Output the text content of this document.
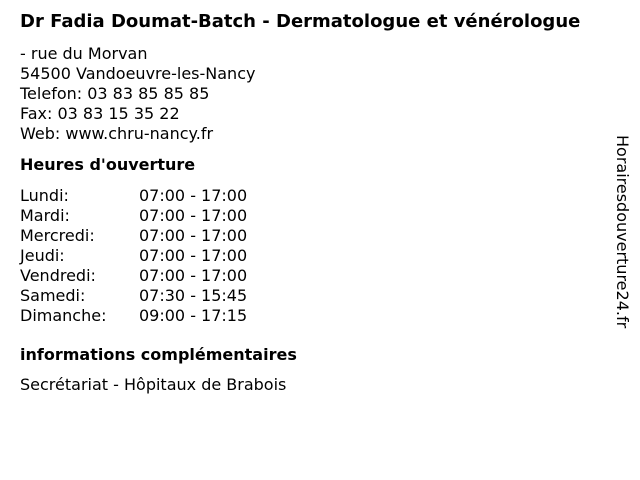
Dr Fadia Doumat-Batch - Dermatologue et vénérologue
- rue du Morvan
54500 Vandoeuvre-les-Nancy
Telefon: 03 83 85 85 85
Fax: 03 83 15 35 22
Web: www.chru-nancy.fr
Heures d'ouverture
Lundi:	07:00 - 17:00
Mardi:	07:00 - 17:00
Mercredi:	07:00 - 17:00
Jeudi:	07:00 - 17:00
Vendredi:	07:00 - 17:00
Samedi:	07:30 - 15:45
Dimanche:	09:00 - 17:15
informations complémentaires
Secrétariat - Hôpitaux de Brabois
Horairesdouverture24.fr
